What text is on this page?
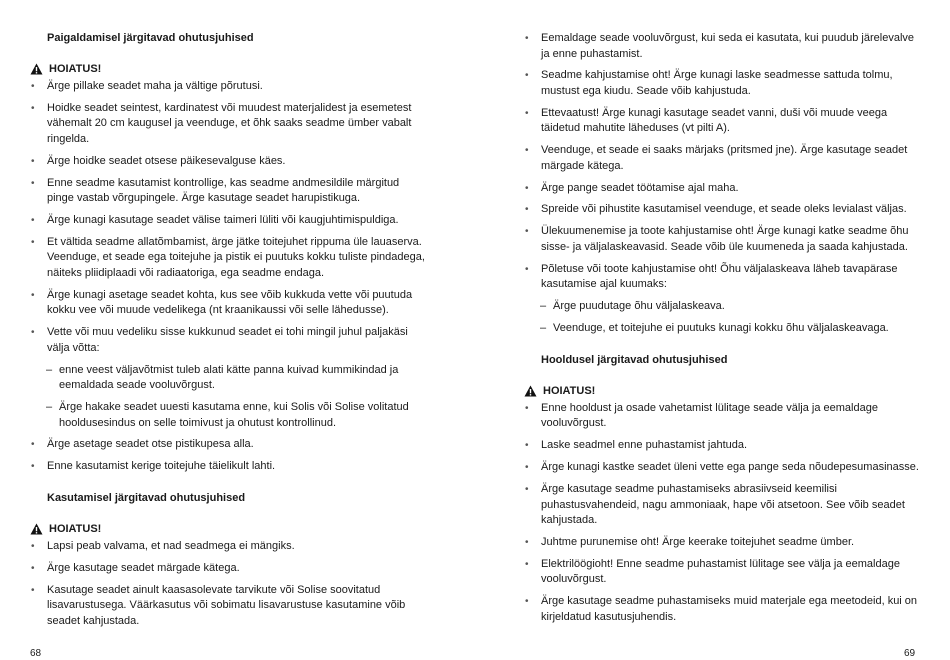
Paigaldamisel järgitavad ohutusjuhised
HOIATUS!
• Ärge pillake seadet maha ja vältige põrutusi.
• Hoidke seadet seintest, kardinatest või muudest materjalidest ja esemetest vähemalt 20 cm kaugusel ja veenduge, et õhk saaks seadme ümber vabalt ringelda.
• Ärge hoidke seadet otsese päikesevalguse käes.
• Enne seadme kasutamist kontrollige, kas seadme andmesildile märgitud pinge vastab võrgupingele. Ärge kasutage seadet harupistikuga.
• Ärge kunagi kasutage seadet välise taimeri lüliti või kaugjuhtimispuldiga.
• Et vältida seadme allatõmbamist, ärge jätke toitejuhet rippuma üle lauaserva. Veenduge, et seade ega toitejuhe ja pistik ei puutuks kokku tuliste pindadega, näiteks pliidiplaadi või radiaatoriga, ega seadme endaga.
• Ärge kunagi asetage seadet kohta, kus see võib kukkuda vette või puutuda kokku vee või muude vedelikega (nt kraanikaussi või selle lähedusse).
• Vette või muu vedeliku sisse kukkunud seadet ei tohi mingil juhul paljakäsi välja võtta:
– enne veest väljavõtmist tuleb alati kätte panna kuivad kummikindad ja eemaldada seade vooluvõrgust.
– Ärge hakake seadet uuesti kasutama enne, kui Solis või Solise volitatud hooldusesindus on selle toimivust ja ohutust kontrollinud.
• Ärge asetage seadet otse pistikupesa alla.
• Enne kasutamist kerige toitejuhe täielikult lahti.
Kasutamisel järgitavad ohutusjuhised
HOIATUS!
• Lapsi peab valvama, et nad seadmega ei mängiks.
• Ärge kasutage seadet märgade kätega.
• Kasutage seadet ainult kaasasolevate tarvikute või Solise soovitatud lisavarustusega. Väärkasutus või sobimatu lisavarustuse kasutamine võib seadet kahjustada.
68
• Eemaldage seade vooluvõrgust, kui seda ei kasutata, kui puudub järelevalve ja enne puhastamist.
• Seadme kahjustamise oht! Ärge kunagi laske seadmesse sattuda tolmu, mustust ega kiudu. Seade võib kahjustuda.
• Ettevaatust! Ärge kunagi kasutage seadet vanni, duši või muude veega täidetud mahutite läheduses (vt pilti A).
• Veenduge, et seade ei saaks märjaks (pritsmed jne). Ärge kasutage seadet märgade kätega.
• Ärge pange seadet töötamise ajal maha.
• Spreide või pihustite kasutamisel veenduge, et seade oleks levialast väljas.
• Ülekuumenemise ja toote kahjustamise oht! Ärge kunagi katke seadme õhu sisse- ja väljalaskeavasid. Seade võib üle kuumeneda ja saada kahjustada.
• Põletuse või toote kahjustamise oht! Õhu väljalaskeava läheb tavapärase kasutamise ajal kuumaks:
– Ärge puudutage õhu väljalaskeava.
– Veenduge, et toitejuhe ei puutuks kunagi kokku õhu väljalaskeavaga.
Hooldusel järgitavad ohutusjuhised
HOIATUS!
• Enne hooldust ja osade vahetamist lülitage seade välja ja eemaldage vooluvõrgust.
• Laske seadmel enne puhastamist jahtuda.
• Ärge kunagi kastke seadet üleni vette ega pange seda nõudepesumasinasse.
• Ärge kasutage seadme puhastamiseks abrasiivseid keemilisi puhastusvahendeid, nagu ammoniaak, hape või atsetoon. See võib seadet kahjustada.
• Juhtme purunemise oht! Ärge keerake toitejuhet seadme ümber.
• Elektrilöögioht! Enne seadme puhastamist lülitage see välja ja eemaldage vooluvõrgust.
• Ärge kasutage seadme puhastamiseks muid materjale ega meetodeid, kui on kirjeldatud kasutusjuhendis.
69
